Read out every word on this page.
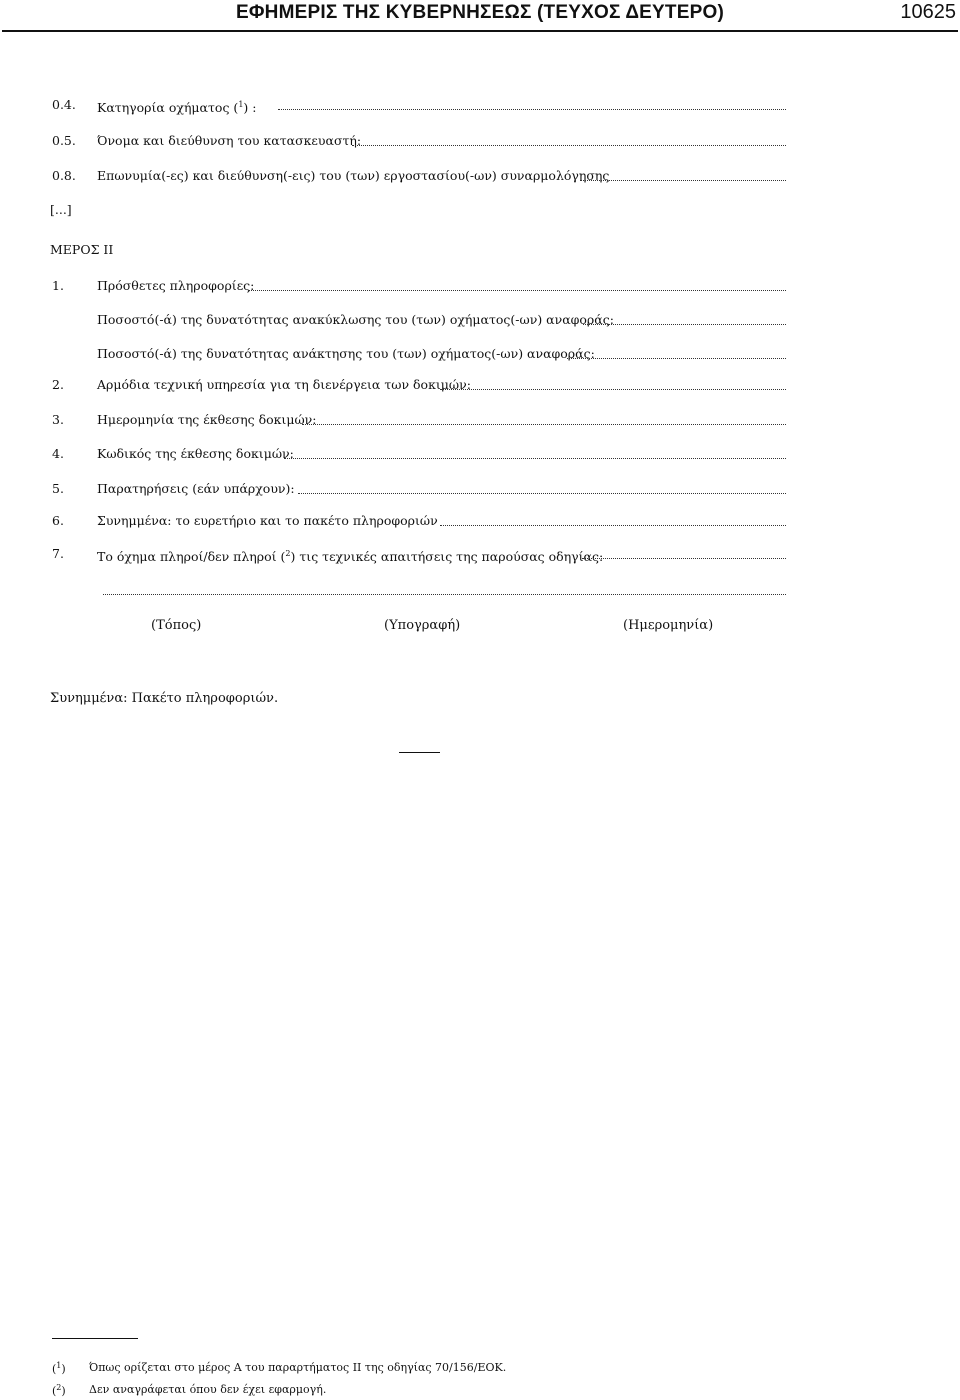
ΕΦΗΜΕΡΙΣ ΤΗΣ ΚΥΒΕΡΝΗΣΕΩΣ (ΤΕΥΧΟΣ ΔΕΥΤΕΡΟ)	10625
0.4. Κατηγορία οχήματος ($^1$) :
0.5. Όνομα και διεύθυνση του κατασκευαστή:
0.8. Επωνυμία(-ες) και διεύθυνση(-εις) του (των) εργοστασίου(-ων) συναρμολόγησης
[...]
ΜΕΡΟΣ II
1.	Πρόσθετες πληροφορίες:
Ποσοστό(-ά) της δυνατότητας ανακύκλωσης του (των) οχήματος(-ων) αναφοράς:
Ποσοστό(-ά) της δυνατότητας ανάκτησης του (των) οχήματος(-ων) αναφοράς:
2.	Αρμόδια τεχνική υπηρεσία για τη διενέργεια των δοκιμών:
3.	Ημερομηνία της έκθεσης δοκιμών:
4.	Κωδικός της έκθεσης δοκιμών:
5.	Παρατηρήσεις (εάν υπάρχουν):
6.	Συνημμένα: το ευρετήριο και το πακέτο πληροφοριών
7.	Το όχημα πληροί/δεν πληροί ($^2$) τις τεχνικές απαιτήσεις της παρούσας οδηγίας:
(Τόπος)	(Υπογραφή)	(Ημερομηνία)
Συνημμένα: Πακέτο πληροφοριών.
($^1$) Όπως ορίζεται στο μέρος A του παραρτήματος II της οδηγίας 70/156/ΕΟΚ.
($^2$) Δεν αναγράφεται όπου δεν έχει εφαρμογή.
